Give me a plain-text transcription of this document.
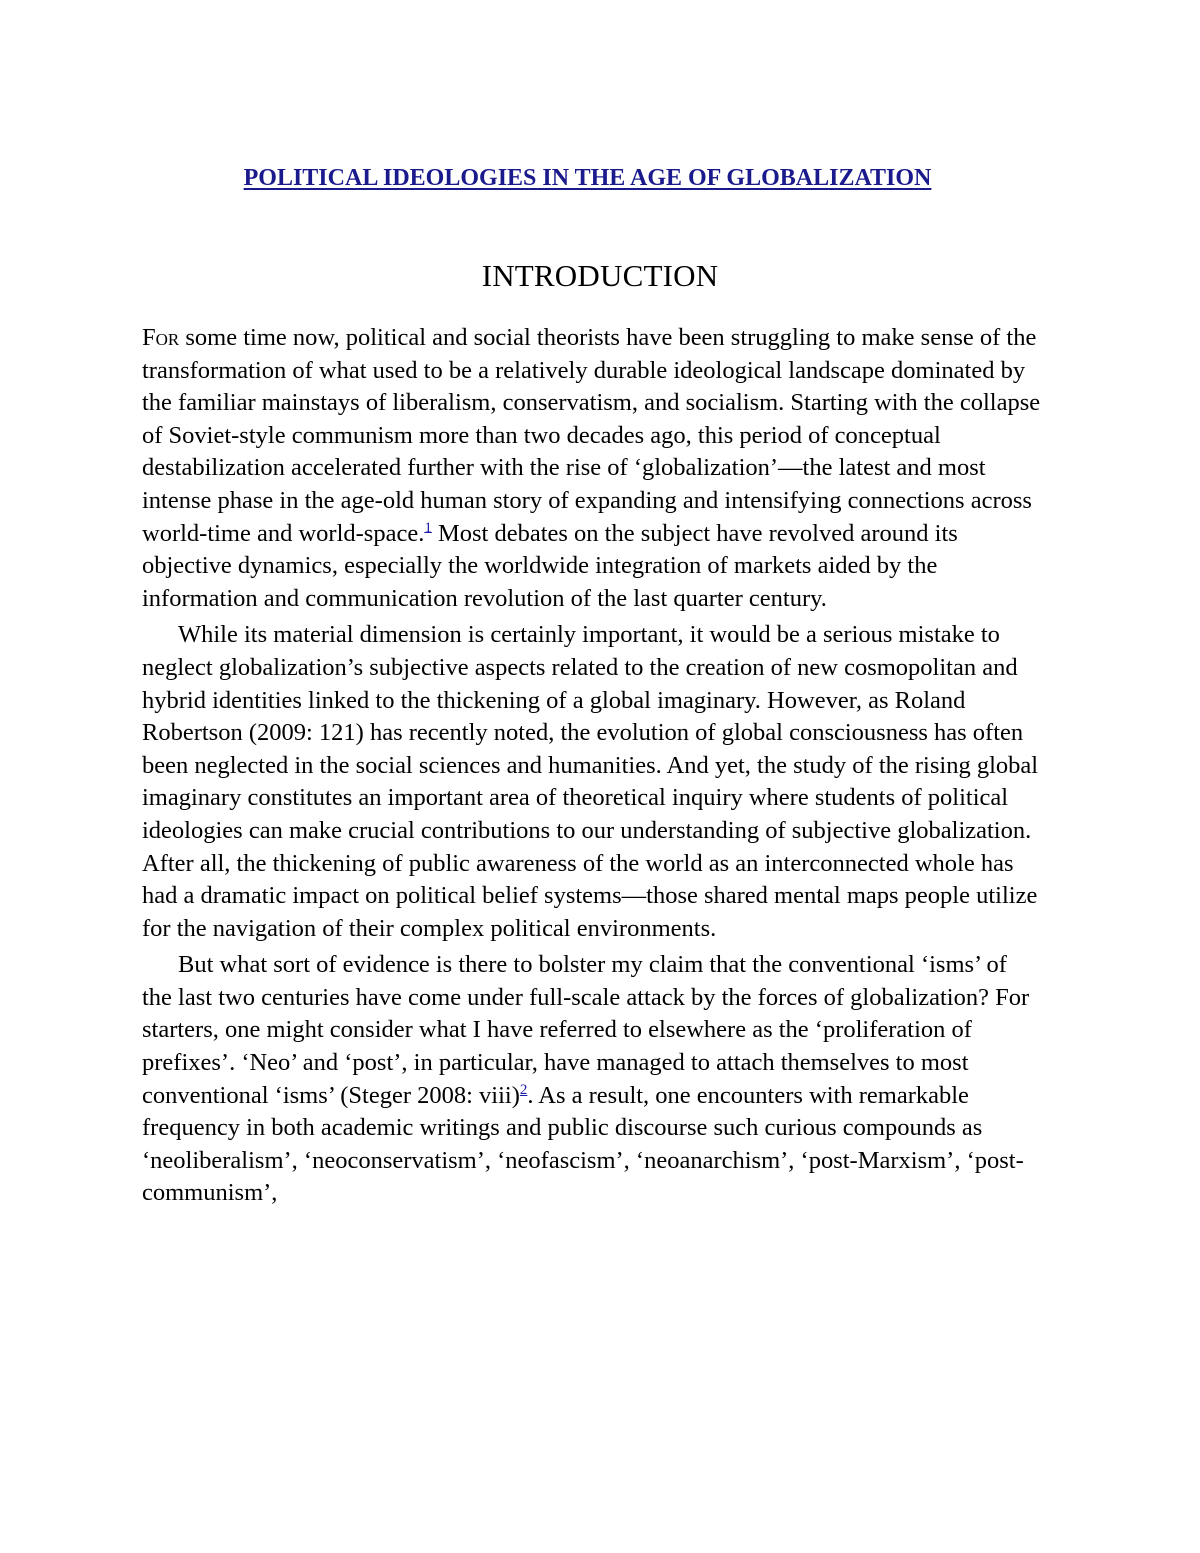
POLITICAL IDEOLOGIES IN THE AGE OF GLOBALIZATION
INTRODUCTION

For some time now, political and social theorists have been struggling to make sense of the transformation of what used to be a relatively durable ideological landscape dominated by the familiar mainstays of liberalism, conservatism, and socialism. Starting with the collapse of Soviet-style communism more than two decades ago, this period of conceptual destabilization accelerated further with the rise of ‘globalization’—the latest and most intense phase in the age-old human story of expanding and intensifying connections across world-time and world-space.$^1$ Most debates on the subject have revolved around its objective dynamics, especially the worldwide integration of markets aided by the information and communication revolution of the last quarter century.

While its material dimension is certainly important, it would be a serious mistake to neglect globalization’s subjective aspects related to the creation of new cosmopolitan and hybrid identities linked to the thickening of a global imaginary. However, as Roland Robertson (2009: 121) has recently noted, the evolution of global consciousness has often been neglected in the social sciences and humanities. And yet, the study of the rising global imaginary constitutes an important area of theoretical inquiry where students of political ideologies can make crucial contributions to our understanding of subjective globalization. After all, the thickening of public awareness of the world as an interconnected whole has had a dramatic impact on political belief systems—those shared mental maps people utilize for the navigation of their complex political environments.

But what sort of evidence is there to bolster my claim that the conventional ‘isms’ of the last two centuries have come under full-scale attack by the forces of globalization? For starters, one might consider what I have referred to elsewhere as the ‘proliferation of prefixes’. ‘Neo’ and ‘post’, in particular, have managed to attach themselves to most conventional ‘isms’ (Steger 2008: viii)$^2$. As a result, one encounters with remarkable frequency in both academic writings and public discourse such curious compounds as ‘neoliberalism’, ‘neoconservatism’, ‘neofascism’, ‘neoanarchism’, ‘post-Marxism’, ‘post-communism’,
